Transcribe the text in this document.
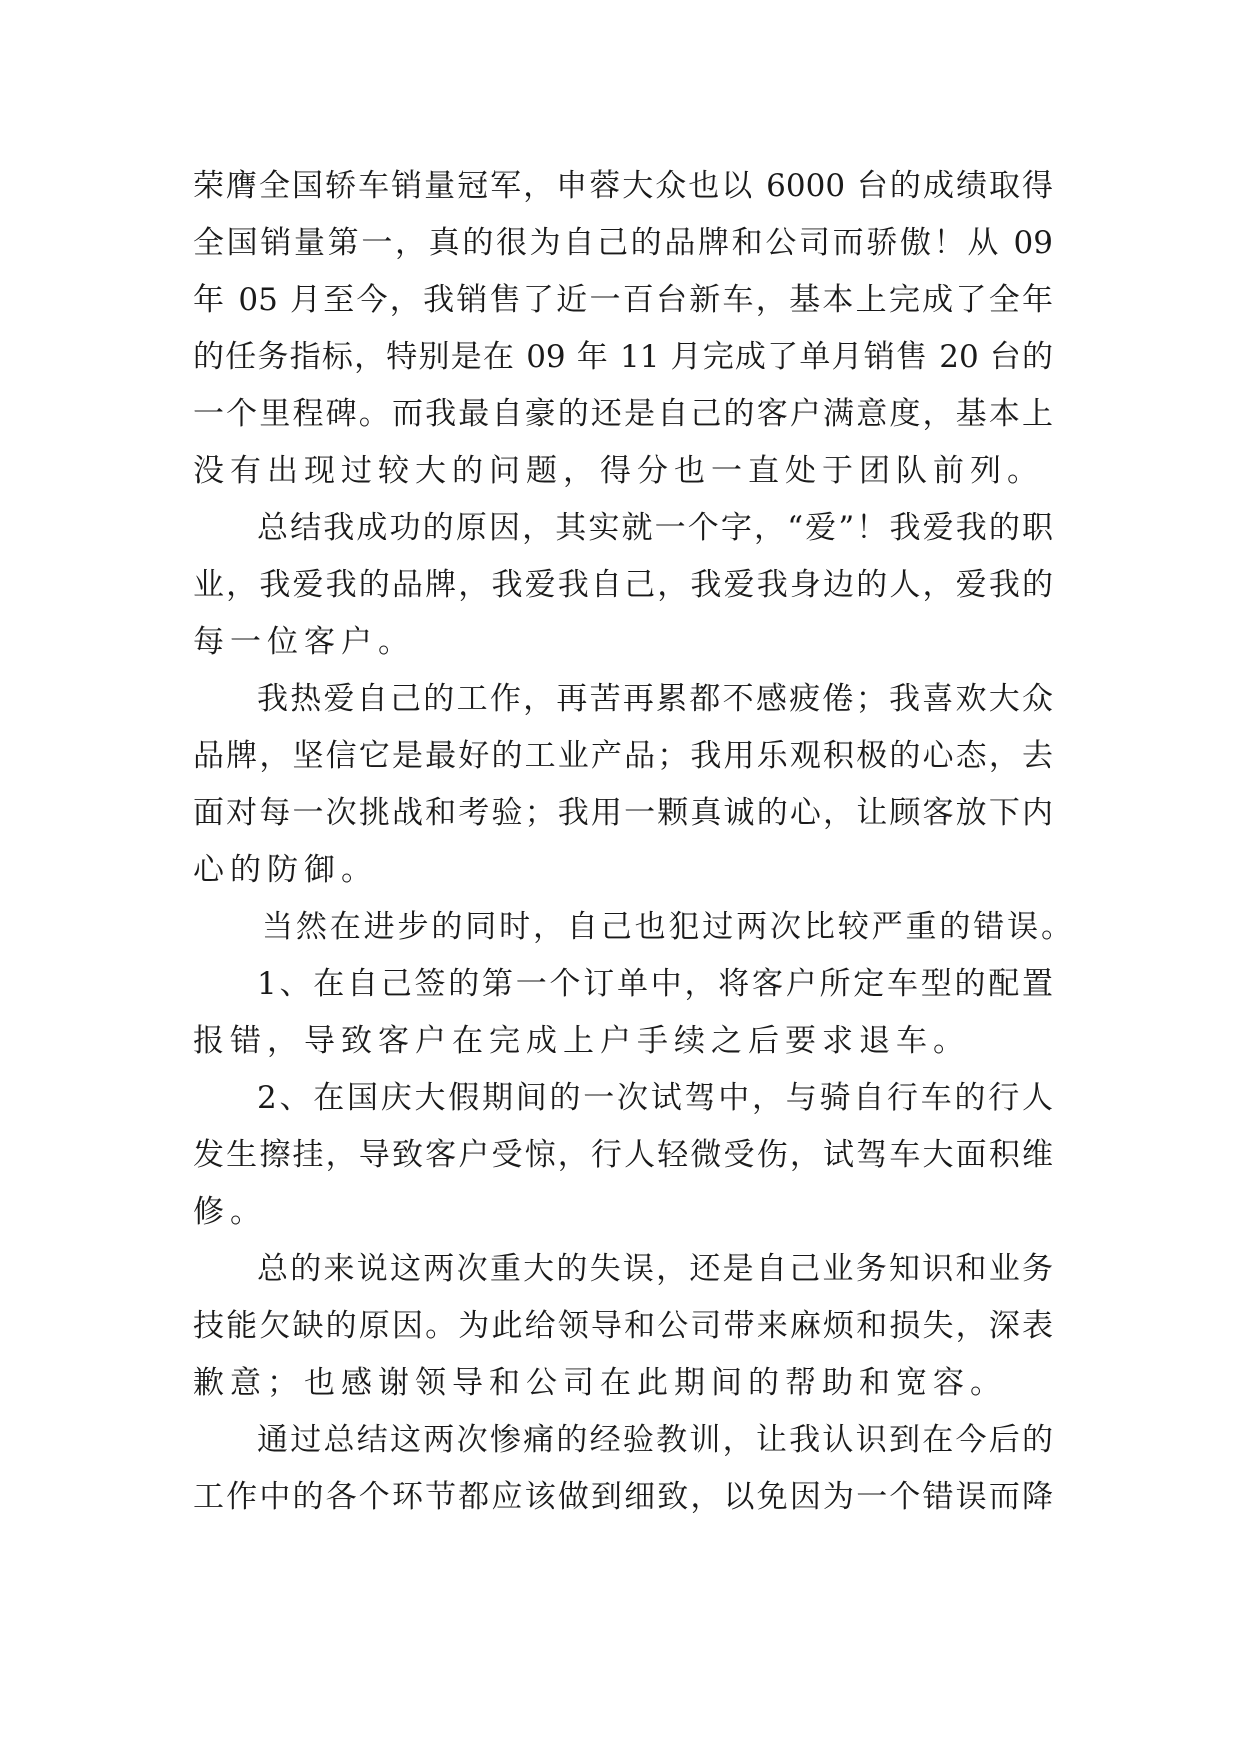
荣膺全国轿车销量冠军，申蓉大众也以 6000 台的成绩取得
全国销量第一，真的很为自己的品牌和公司而骄傲！从 09
年 05 月至今，我销售了近一百台新车，基本上完成了全年
的任务指标，特别是在 09 年 11 月完成了单月销售 20 台的
一个里程碑。而我最自豪的还是自己的客户满意度，基本上
没有出现过较大的问题，得分也一直处于团队前列。
总结我成功的原因，其实就一个字，“爱”！我爱我的职
业，我爱我的品牌，我爱我自己，我爱我身边的人，爱我的
每一位客户。
我热爱自己的工作，再苦再累都不感疲倦；我喜欢大众
品牌，坚信它是最好的工业产品；我用乐观积极的心态，去
面对每一次挑战和考验；我用一颗真诚的心，让顾客放下内
心的防御。
当然在进步的同时，自己也犯过两次比较严重的错误。
1、在自己签的第一个订单中，将客户所定车型的配置
报错，导致客户在完成上户手续之后要求退车。
2、在国庆大假期间的一次试驾中，与骑自行车的行人
发生擦挂，导致客户受惊，行人轻微受伤，试驾车大面积维
修。
总的来说这两次重大的失误，还是自己业务知识和业务
技能欠缺的原因。为此给领导和公司带来麻烦和损失，深表
歉意；也感谢领导和公司在此期间的帮助和宽容。
通过总结这两次惨痛的经验教训，让我认识到在今后的
工作中的各个环节都应该做到细致，以免因为一个错误而降
